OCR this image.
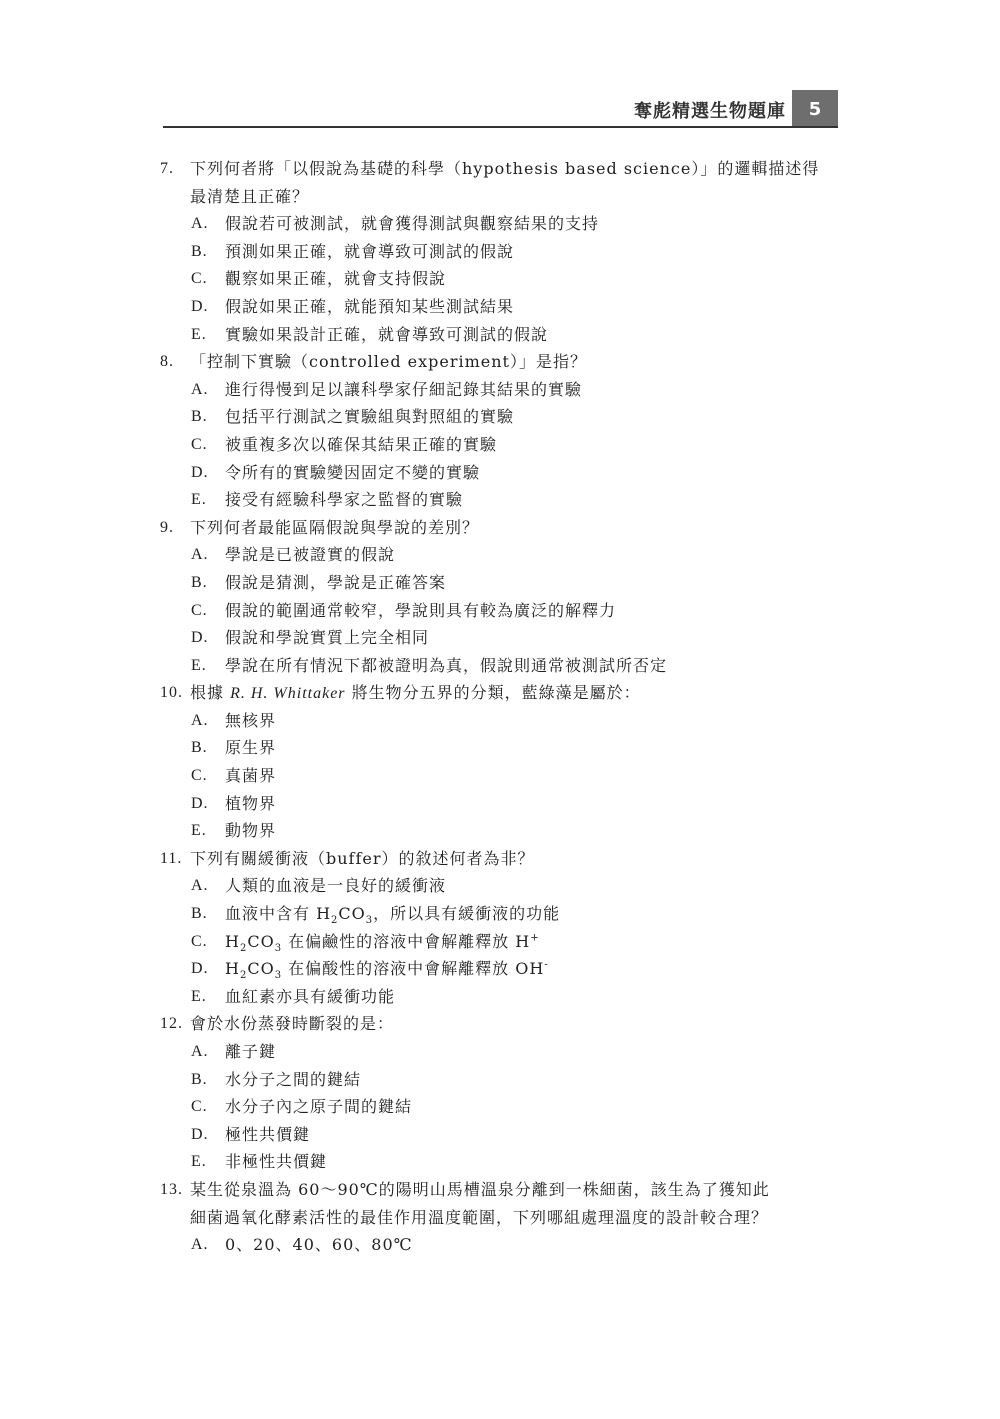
奪彪精選生物題庫	5
7.	下列何者將「以假說為基礎的科學（hypothesis based science）」的邏輯描述得
最清楚且正確？
A.	假說若可被測試，就會獲得測試與觀察結果的支持
B.	預測如果正確，就會導致可測試的假說
C.	觀察如果正確，就會支持假說
D.	假說如果正確，就能預知某些測試結果
E.	實驗如果設計正確，就會導致可測試的假說
8.	「控制下實驗（controlled experiment）」是指？
A.	進行得慢到足以讓科學家仔細記錄其結果的實驗
B.	包括平行測試之實驗組與對照組的實驗
C.	被重複多次以確保其結果正確的實驗
D.	令所有的實驗變因固定不變的實驗
E.	接受有經驗科學家之監督的實驗
9.	下列何者最能區隔假說與學說的差別？
A.	學說是已被證實的假說
B.	假說是猜測，學說是正確答案
C.	假說的範圍通常較窄，學說則具有較為廣泛的解釋力
D.	假說和學說實質上完全相同
E.	學說在所有情況下都被證明為真，假說則通常被測試所否定
10. 根據 R. H. Whittaker 將生物分五界的分類，藍綠藻是屬於：
A.	無核界
B.	原生界
C.	真菌界
D.	植物界
E.	動物界
11. 下列有關緩衝液（buffer）的敘述何者為非？
A.	人類的血液是一良好的緩衝液
B.	血液中含有 $H_2CO_3$，所以具有緩衝液的功能
C.	$H_2CO_3$ 在偏鹼性的溶液中會解離釋放 H+
D.	$H_2CO_3$ 在偏酸性的溶液中會解離釋放 OH-
E.	血紅素亦具有緩衝功能
12. 會於水份蒸發時斷裂的是：
A.	離子鍵
B.	水分子之間的鍵結
C.	水分子內之原子間的鍵結
D.	極性共價鍵
E.	非極性共價鍵
13. 某生從泉溫為 60～90℃的陽明山馬槽溫泉分離到一株細菌，該生為了獲知此
細菌過氧化酵素活性的最佳作用溫度範圍，下列哪組處理溫度的設計較合理？
A.	0、20、40、60、80℃
